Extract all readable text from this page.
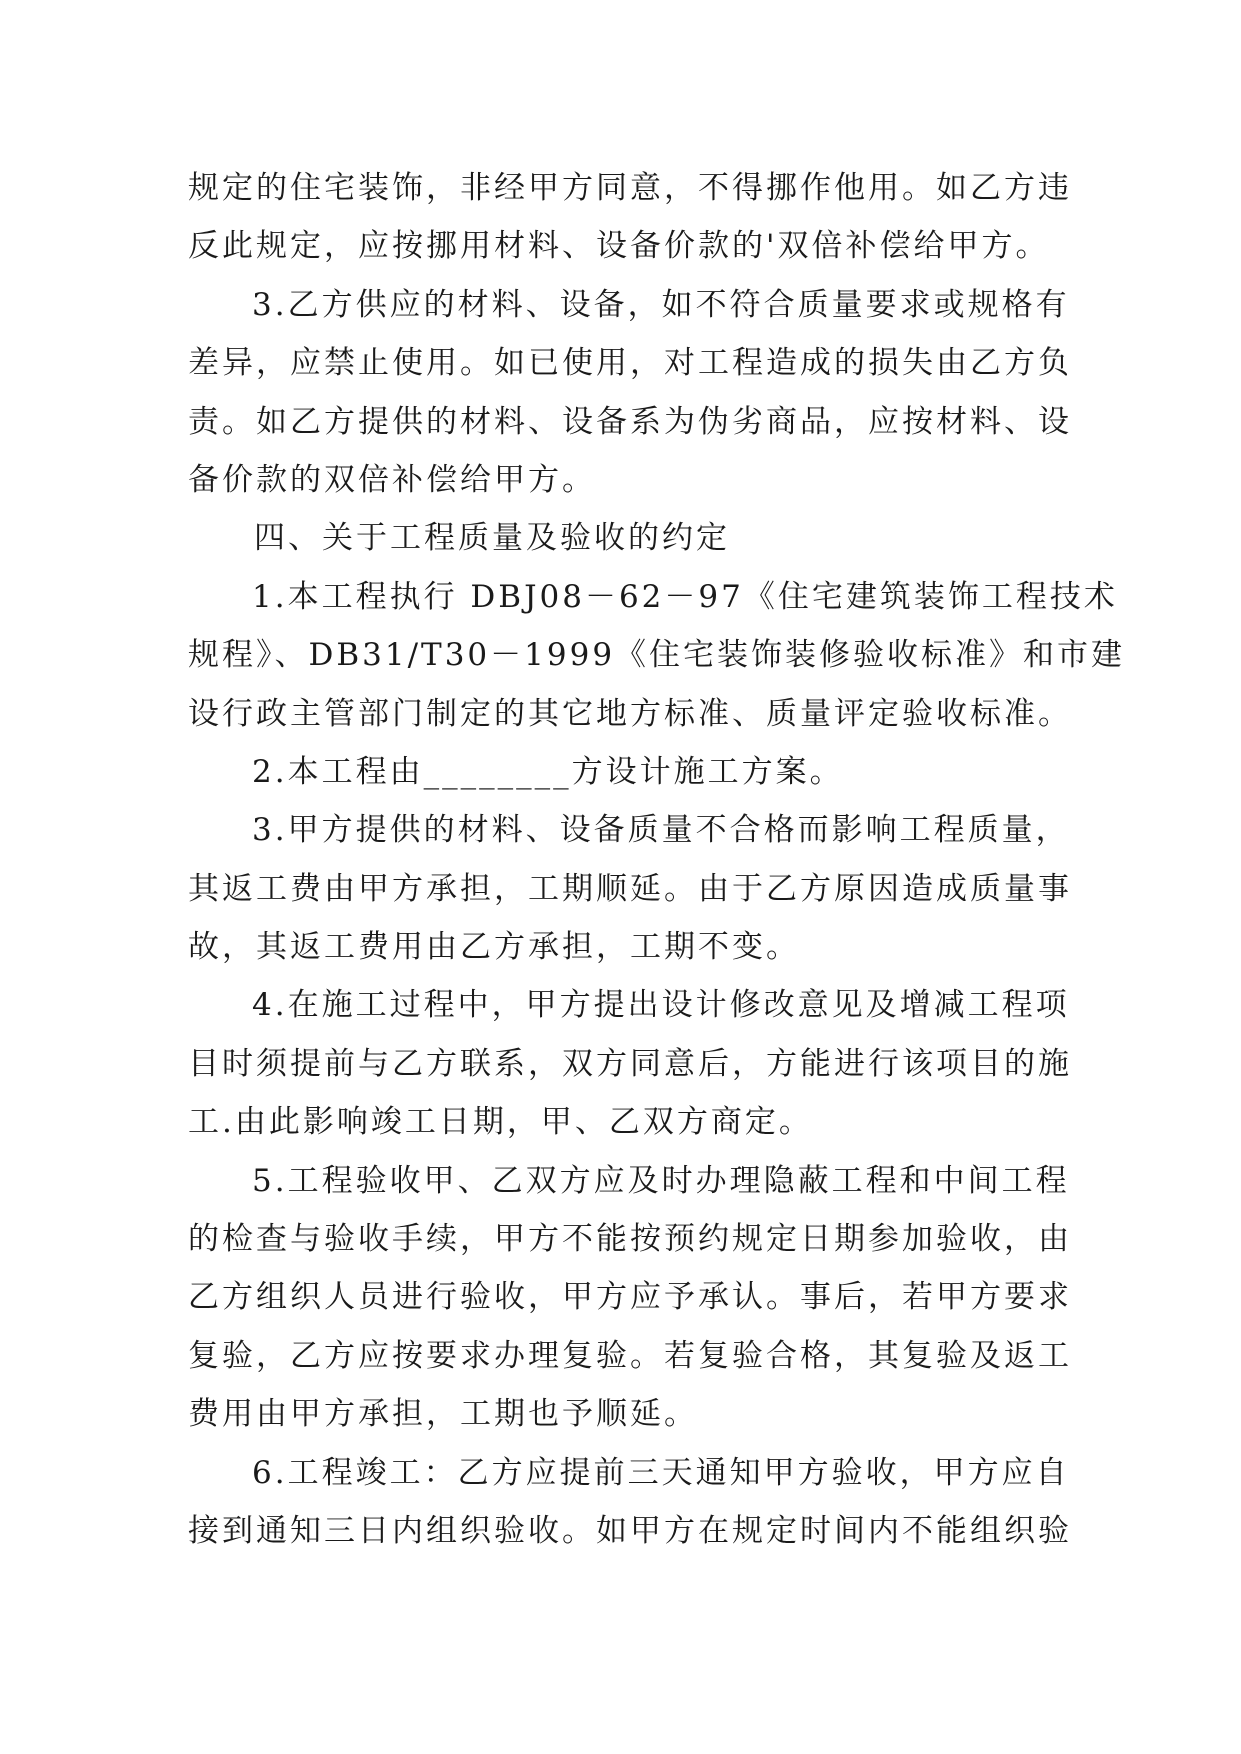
规定的住宅装饰，非经甲方同意，不得挪作他用。如乙方违
反此规定，应按挪用材料、设备价款的'双倍补偿给甲方。
3.乙方供应的材料、设备，如不符合质量要求或规格有
差异，应禁止使用。如已使用，对工程造成的损失由乙方负
责。如乙方提供的材料、设备系为伪劣商品，应按材料、设
备价款的双倍补偿给甲方。
四、关于工程质量及验收的约定
1.本工程执行 DBJ08－62－97《住宅建筑装饰工程技术
规程》、DB31/T30－1999《住宅装饰装修验收标准》和市建
设行政主管部门制定的其它地方标准、质量评定验收标准。
2.本工程由________方设计施工方案。
3.甲方提供的材料、设备质量不合格而影响工程质量，
其返工费由甲方承担，工期顺延。由于乙方原因造成质量事
故，其返工费用由乙方承担，工期不变。
4.在施工过程中，甲方提出设计修改意见及增减工程项
目时须提前与乙方联系，双方同意后，方能进行该项目的施
工.由此影响竣工日期，甲、乙双方商定。
5.工程验收甲、乙双方应及时办理隐蔽工程和中间工程
的检查与验收手续，甲方不能按预约规定日期参加验收，由
乙方组织人员进行验收，甲方应予承认。事后，若甲方要求
复验，乙方应按要求办理复验。若复验合格，其复验及返工
费用由甲方承担，工期也予顺延。
6.工程竣工：乙方应提前三天通知甲方验收，甲方应自
接到通知三日内组织验收。如甲方在规定时间内不能组织验
